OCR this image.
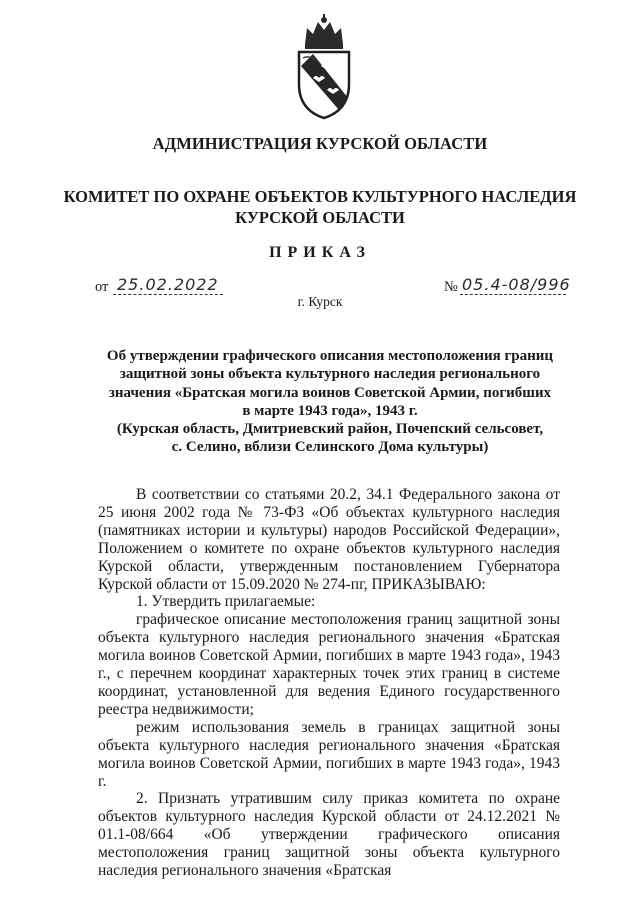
АДМИНИСТРАЦИЯ КУРСКОЙ ОБЛАСТИ
КОМИТЕТ ПО ОХРАНЕ ОБЪЕКТОВ КУЛЬТУРНОГО НАСЛЕДИЯ
КУРСКОЙ ОБЛАСТИ
ПРИКАЗ
от 25.02.2022	№ 05.4-08/996
г. Курск
Об утверждении графического описания местоположения границ
защитной зоны объекта культурного наследия регионального
значения «Братская могила воинов Советской Армии, погибших
в марте 1943 года», 1943 г.
(Курская область, Дмитриевский район, Почепский сельсовет,
с. Селино, вблизи Селинского Дома культуры)
В соответствии со статьями 20.2, 34.1 Федерального закона от 25 июня 2002 года № 73-ФЗ «Об объектах культурного наследия (памятниках истории и культуры) народов Российской Федерации», Положением о комитете по охране объектов культурного наследия Курской области, утвержденным постановлением Губернатора Курской области от 15.09.2020 № 274-пг, ПРИКАЗЫВАЮ:
1. Утвердить прилагаемые:
графическое описание местоположения границ защитной зоны объекта культурного наследия регионального значения «Братская могила воинов Советской Армии, погибших в марте 1943 года», 1943 г., с перечнем координат характерных точек этих границ в системе координат, установленной для ведения Единого государственного реестра недвижимости;
режим использования земель в границах защитной зоны объекта культурного наследия регионального значения «Братская могила воинов Советской Армии, погибших в марте 1943 года», 1943 г.
2. Признать утратившим силу приказ комитета по охране объектов культурного наследия Курской области от 24.12.2021 № 01.1-08/664 «Об утверждении графического описания местоположения границ защитной зоны объекта культурного наследия регионального значения «Братская
